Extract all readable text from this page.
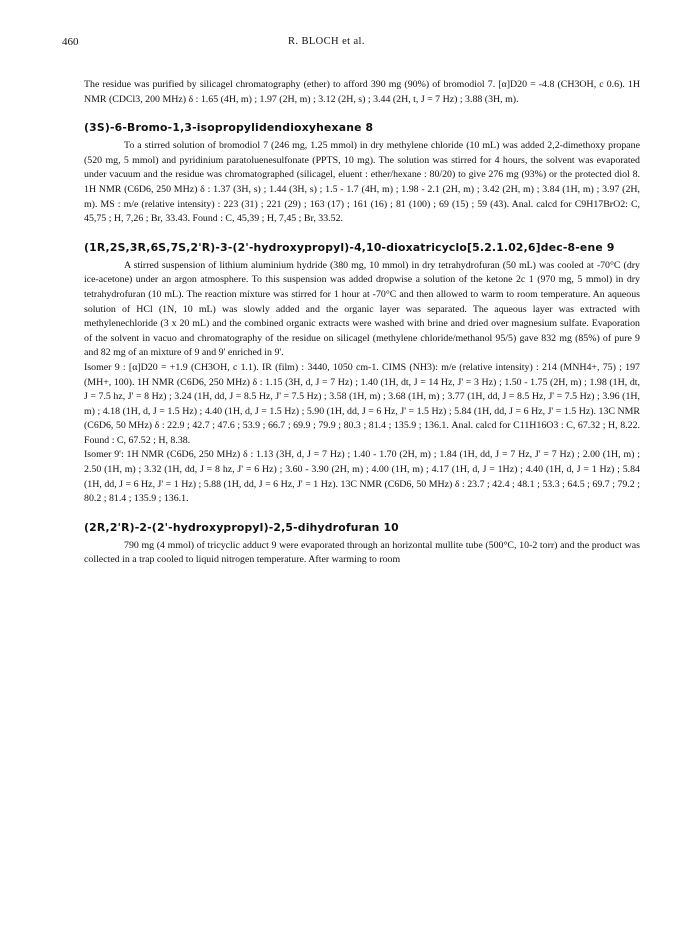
460	R. BLOCH et al.

The residue was purified by silicagel chromatography (ether) to afford 390 mg (90%) of bromodiol 7. [α]D20 = -4.8 (CH3OH, c 0.6). 1H NMR (CDCl3, 200 MHz) δ : 1.65 (4H, m) ; 1.97 (2H, m) ; 3.12 (2H, s) ; 3.44 (2H, t, J = 7 Hz) ; 3.88 (3H, m).

(3S)-6-Bromo-1,3-isopropylidendioxyhexane 8

To a stirred solution of bromodiol 7 (246 mg, 1.25 mmol) in dry methylene chloride (10 mL) was added 2,2-dimethoxy propane (520 mg, 5 mmol) and pyridinium paratoluenesulfonate (PPTS, 10 mg). The solution was stirred for 4 hours, the solvent was evaporated under vacuum and the residue was chromatographed (silicagel, eluent : ether/hexane : 80/20) to give 276 mg (93%) or the protected diol 8. 1H NMR (C6D6, 250 MHz) δ : 1.37 (3H, s) ; 1.44 (3H, s) ; 1.5 - 1.7 (4H, m) ; 1.98 - 2.1 (2H, m) ; 3.42 (2H, m) ; 3.84 (1H, m) ; 3.97 (2H, m). MS : m/e (relative intensity) : 223 (31) ; 221 (29) ; 163 (17) ; 161 (16) ; 81 (100) ; 69 (15) ; 59 (43). Anal. calcd for C9H17BrO2: C, 45,75 ; H, 7,26 ; Br, 33.43. Found : C, 45,39 ; H, 7,45 ; Br, 33.52.

(1R,2S,3R,6S,7S,2'R)-3-(2'-hydroxypropyl)-4,10-dioxatricyclo[5.2.1.02,6]dec-8-ene 9

A stirred suspension of lithium aluminium hydride (380 mg, 10 mmol) in dry tetrahydrofuran (50 mL) was cooled at -70°C (dry ice-acetone) under an argon atmosphere. To this suspension was added dropwise a solution of the ketone 2c 1 (970 mg, 5 mmol) in dry tetrahydrofuran (10 mL). The reaction mixture was stirred for 1 hour at -70°C and then allowed to warm to room temperature. An aqueous solution of HCl (1N, 10 mL) was slowly added and the organic layer was separated. The aqueous layer was extracted with methylenechloride (3 x 20 mL) and the combined organic extracts were washed with brine and dried over magnesium sulfate. Evaporation of the solvent in vacuo and chromatography of the residue on silicagel (methylene chloride/methanol 95/5) gave 832 mg (85%) of pure 9 and 82 mg of an mixture of 9 and 9' enriched in 9'.

Isomer 9 : [α]D20 = +1.9 (CH3OH, c 1.1). IR (film) : 3440, 1050 cm-1. CIMS (NH3): m/e (relative intensity) : 214 (MNH4+, 75) ; 197 (MH+, 100). 1H NMR (C6D6, 250 MHz) δ : 1.15 (3H, d, J = 7 Hz) ; 1.40 (1H, dt, J = 14 Hz, J' = 3 Hz) ; 1.50 - 1.75 (2H, m) ; 1.98 (1H, dt, J = 7.5 hz, J' = 8 Hz) ; 3.24 (1H, dd, J = 8.5 Hz, J' = 7.5 Hz) ; 3.58 (1H, m) ; 3.68 (1H, m) ; 3.77 (1H, dd, J = 8.5 Hz, J' = 7.5 Hz) ; 3.96 (1H, m) ; 4.18 (1H, d, J = 1.5 Hz) ; 4.40 (1H, d, J = 1.5 Hz) ; 5.90 (1H, dd, J = 6 Hz, J' = 1.5 Hz) ; 5.84 (1H, dd, J = 6 Hz, J' = 1.5 Hz). 13C NMR (C6D6, 50 MHz) δ : 22.9 ; 42.7 ; 47.6 ; 53.9 ; 66.7 ; 69.9 ; 79.9 ; 80.3 ; 81.4 ; 135.9 ; 136.1. Anal. calcd for C11H16O3 : C, 67.32 ; H, 8.22. Found : C, 67.52 ; H, 8.38.

Isomer 9': 1H NMR (C6D6, 250 MHz) δ : 1.13 (3H, d, J = 7 Hz) ; 1.40 - 1.70 (2H, m) ; 1.84 (1H, dd, J = 7 Hz, J' = 7 Hz) ; 2.00 (1H, m) ; 2.50 (1H, m) ; 3.32 (1H, dd, J = 8 hz, J' = 6 Hz) ; 3.60 - 3.90 (2H, m) ; 4.00 (1H, m) ; 4.17 (1H, d, J = 1Hz) ; 4.40 (1H, d, J = 1 Hz) ; 5.84 (1H, dd, J = 6 Hz, J' = 1 Hz) ; 5.88 (1H, dd, J = 6 Hz, J' = 1 Hz). 13C NMR (C6D6, 50 MHz) δ : 23.7 ; 42.4 ; 48.1 ; 53.3 ; 64.5 ; 69.7 ; 79.2 ; 80.2 ; 81.4 ; 135.9 ; 136.1.

(2R,2'R)-2-(2'-hydroxypropyl)-2,5-dihydrofuran 10

790 mg (4 mmol) of tricyclic adduct 9 were evaporated through an horizontal mullite tube (500°C, 10-2 torr) and the product was collected in a trap cooled to liquid nitrogen temperature. After warming to room
